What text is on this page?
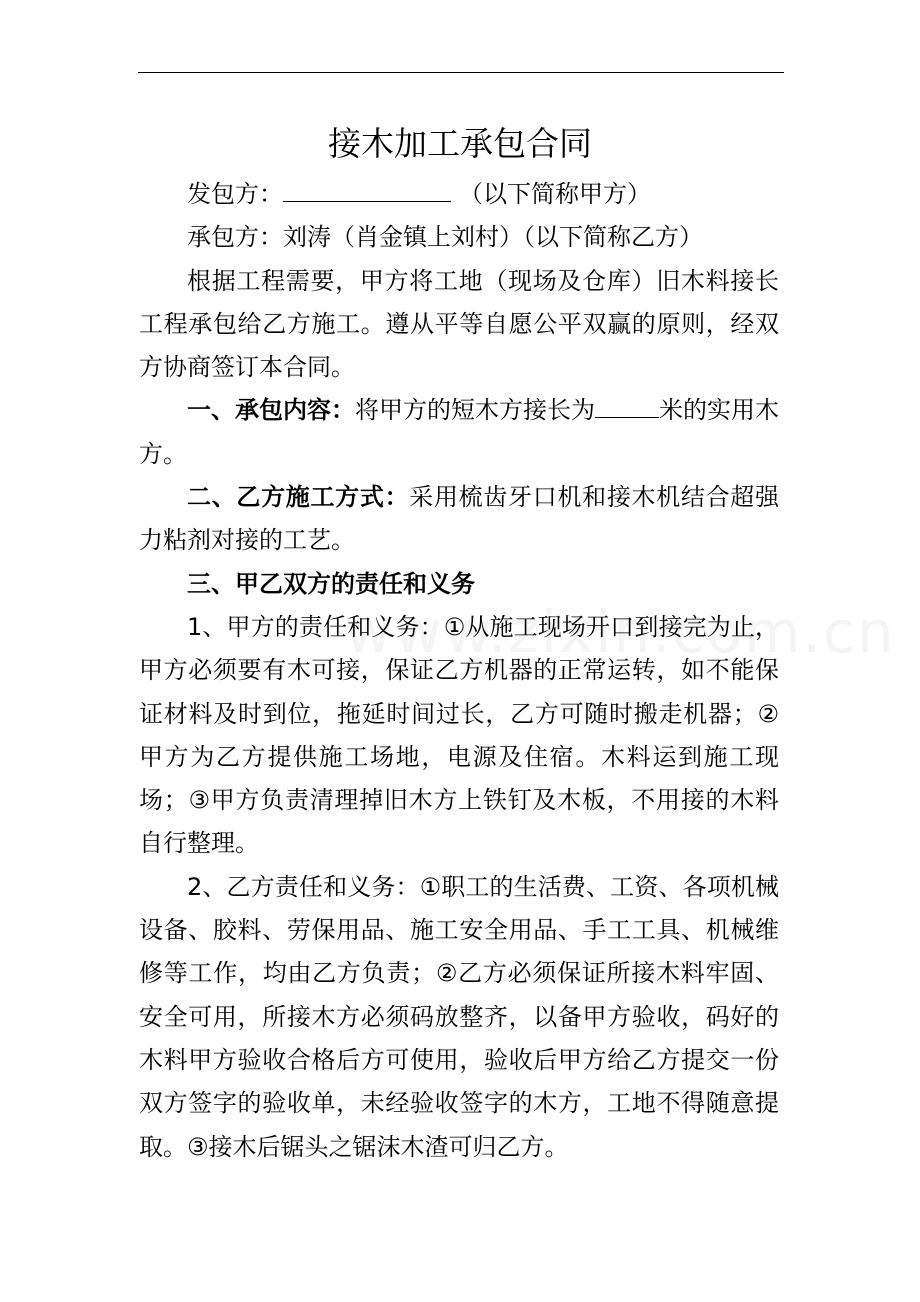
接木加工承包合同

发包方：	（以下简称甲方）

承包方：刘涛（肖金镇上刘村）（以下简称乙方）

根据工程需要，甲方将工地（现场及仓库）旧木料接长工程承包给乙方施工。遵从平等自愿公平双赢的原则，经双方协商签订本合同。

一、承包内容：将甲方的短木方接长为	米的实用木方。

二、乙方施工方式：采用梳齿牙口机和接木机结合超强力粘剂对接的工艺。

三、甲乙双方的责任和义务

1、甲方的责任和义务：①从施工现场开口到接完为止，甲方必须要有木可接，保证乙方机器的正常运转，如不能保证材料及时到位，拖延时间过长，乙方可随时搬走机器；②甲方为乙方提供施工场地，电源及住宿。木料运到施工现场；③甲方负责清理掉旧木方上铁钉及木板，不用接的木料自行整理。

2、乙方责任和义务：①职工的生活费、工资、各项机械设备、胶料、劳保用品、施工安全用品、手工工具、机械维修等工作，均由乙方负责；②乙方必须保证所接木料牢固、安全可用，所接木方必须码放整齐，以备甲方验收，码好的木料甲方验收合格后方可使用，验收后甲方给乙方提交一份双方签字的验收单，未经验收签字的木方，工地不得随意提取。③接木后锯头之锯沫木渣可归乙方。
